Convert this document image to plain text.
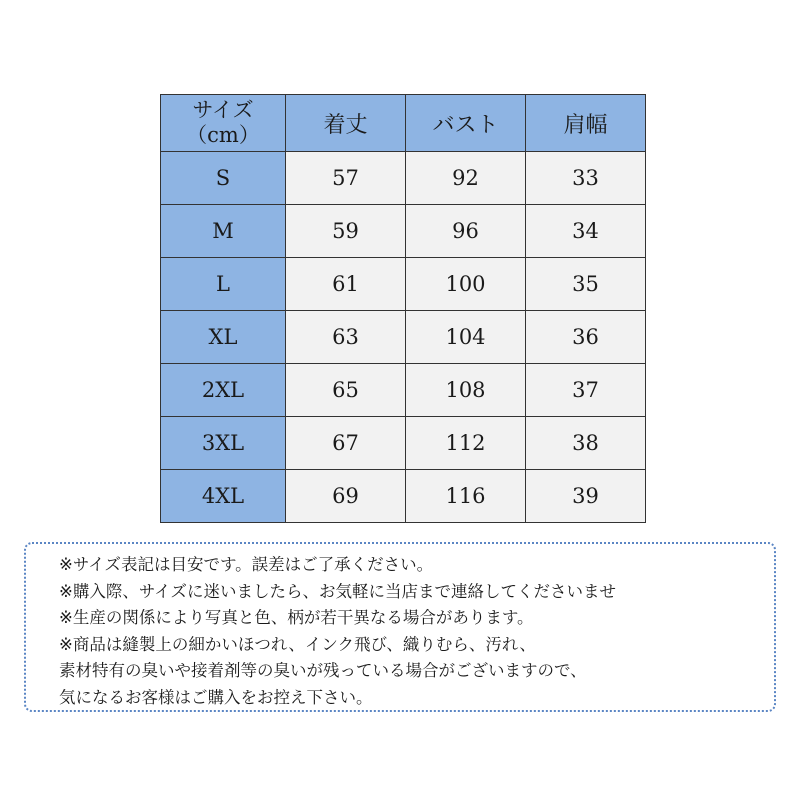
サイズ
（cm）	着丈	バスト	肩幅
S	57	92	33
M	59	96	34
L	61	100	35
XL	63	104	36
2XL	65	108	37
3XL	67	112	38
4XL	69	116	39
※サイズ表記は目安です。誤差はご了承ください。
※購入際、サイズに迷いましたら、お気軽に当店まで連絡してくださいませ
※生産の関係により写真と色、柄が若干異なる場合があります。
※商品は縫製上の細かいほつれ、インク飛び、織りむら、汚れ、
素材特有の臭いや接着剤等の臭いが残っている場合がございますので、
気になるお客様はご購入をお控え下さい。
